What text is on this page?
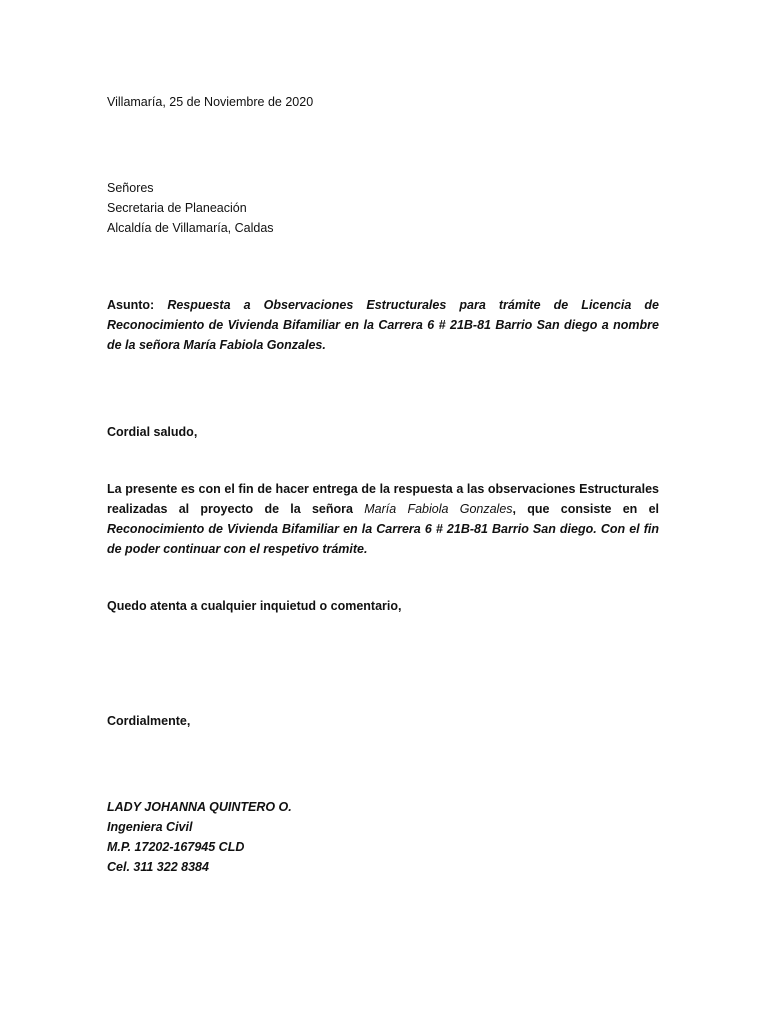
Villamaría, 25 de Noviembre de 2020

Señores
Secretaria de Planeación
Alcaldía de Villamaría, Caldas

Asunto: Respuesta a Observaciones Estructurales para trámite de Licencia de Reconocimiento de Vivienda Bifamiliar en la Carrera 6 # 21B-81 Barrio San diego a nombre de la señora María Fabiola Gonzales.

Cordial saludo,

La presente es con el fin de hacer entrega de la respuesta a las observaciones Estructurales realizadas al proyecto de la señora María Fabiola Gonzales, que consiste en el Reconocimiento de Vivienda Bifamiliar en la Carrera 6 # 21B-81 Barrio San diego. Con el fin de poder continuar con el respetivo trámite.

Quedo atenta a cualquier inquietud o comentario,

Cordialmente,

LADY JOHANNA QUINTERO O.
Ingeniera Civil
M.P. 17202-167945 CLD
Cel. 311 322 8384
